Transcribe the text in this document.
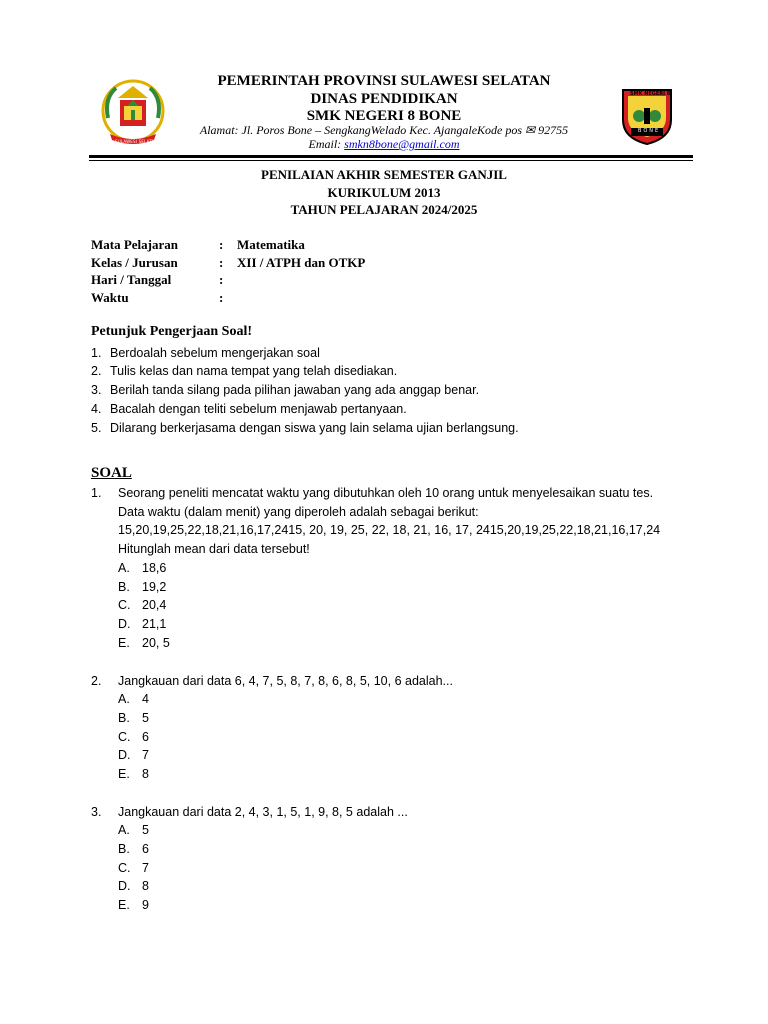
SULAWESI SELATAN
PEMERINTAH PROVINSI SULAWESI SELATAN
DINAS PENDIDIKAN
SMK NEGERI 8 BONE
Alamat: Jl. Poros Bone – SengkangWelado Kec. AjangaleKode pos ✉ 92755
Email: smkn8bone@gmail.com
SMK NEGERI 8
BONE
PENILAIAN AKHIR SEMESTER GANJIL
KURIKULUM 2013
TAHUN PELAJARAN 2024/2025
Mata Pelajaran	: Matematika
Kelas / Jurusan	: XII / ATPH dan OTKP
Hari / Tanggal	:
Waktu	:
Petunjuk Pengerjaan Soal!
1. Berdoalah sebelum mengerjakan soal
2. Tulis kelas dan nama tempat yang telah disediakan.
3. Berilah tanda silang pada pilihan jawaban yang ada anggap benar.
4. Bacalah dengan teliti sebelum menjawab pertanyaan.
5. Dilarang berkerjasama dengan siswa yang lain selama ujian berlangsung.
SOAL
1. Seorang peneliti mencatat waktu yang dibutuhkan oleh 10 orang untuk menyelesaikan suatu tes.
Data waktu (dalam menit) yang diperoleh adalah sebagai berikut:
15,20,19,25,22,18,21,16,17,2415, 20, 19, 25, 22, 18, 21, 16, 17, 2415,20,19,25,22,18,21,16,17,24
Hitunglah mean dari data tersebut!
A. 18,6
B. 19,2
C. 20,4
D. 21,1
E. 20, 5
2. Jangkauan dari data 6, 4, 7, 5, 8, 7, 8, 6, 8, 5, 10, 6 adalah...
A. 4
B. 5
C. 6
D. 7
E. 8
3. Jangkauan dari data 2, 4, 3, 1, 5, 1, 9, 8, 5 adalah ...
A. 5
B. 6
C. 7
D. 8
E. 9
